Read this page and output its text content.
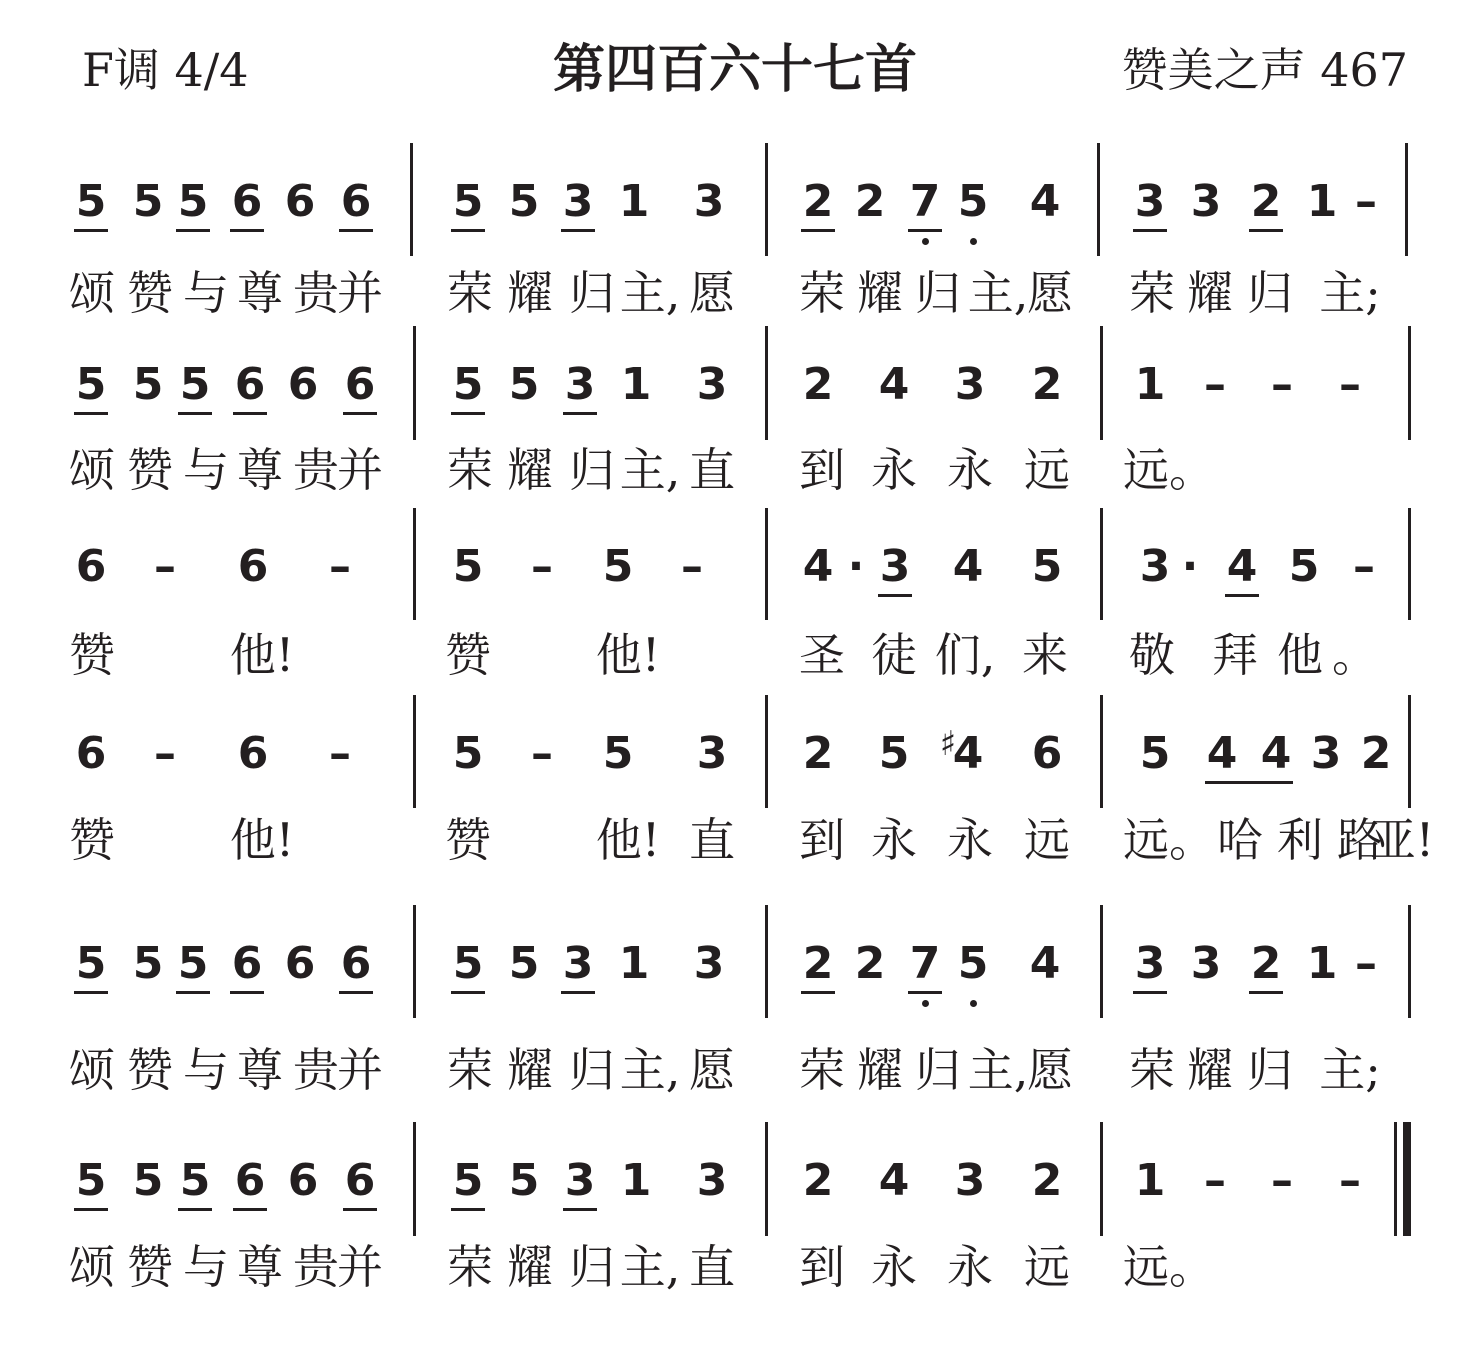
F调 4/4	第四百六十七首	赞美之声 467
5 5 5 6 6 6 5 5 3 1 3 2 2 7 5 4 3 3 2 1 –
颂 赞 与 尊 贵
并 荣 耀 归 主, 愿 荣 耀 归 主,
愿 荣 耀 归 主;
5 5 5 6 6 6 5 5 3 1 3 2 4 3 2 1 –	–	–
颂 赞 与 尊 贵
并 荣 耀 归 主, 直 到 永 永 远 远。
6	–	6	–	5	–	5	–	4 · 3 4 5 3 · 4 5 –
赞 他!	赞 他!	圣 徒 们, 来 敬 拜 他 。
6	–	6	–	5	–	5 3 2 5 ♯
4 6 5 4 4 3 2
赞 他!	赞 他! 直 到 永 永 远 远。 哈 利 路
亚!
5 5 5 6 6 6 5 5 3 1 3 2 2 7 5 4 3 3 2 1 –
颂 赞 与 尊 贵
并 荣 耀 归 主, 愿 荣 耀 归 主,
愿 荣 耀 归 主;
5 5 5 6 6 6 5 5 3 1 3 2 4 3 2 1 –	–	–
颂 赞 与 尊 贵
并 荣 耀 归 主, 直 到 永 永 远 远。
